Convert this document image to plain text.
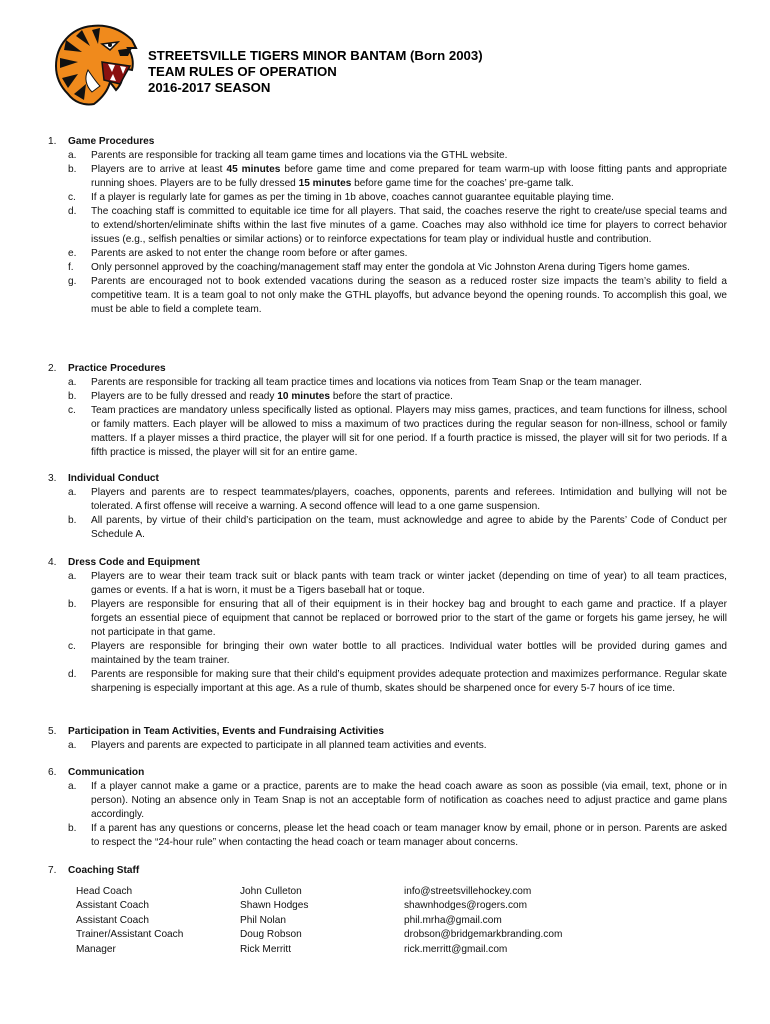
STREETSVILLE TIGERS MINOR BANTAM (Born 2003)
TEAM RULES OF OPERATION
2016-2017 SEASON
1. Game Procedures
a. Parents are responsible for tracking all team game times and locations via the GTHL website.
b. Players are to arrive at least 45 minutes before game time and come prepared for team warm-up with loose fitting pants and appropriate running shoes. Players are to be fully dressed 15 minutes before game time for the coaches’ pre-game talk.
c. If a player is regularly late for games as per the timing in 1b above, coaches cannot guarantee equitable playing time.
d. The coaching staff is committed to equitable ice time for all players. That said, the coaches reserve the right to create/use special teams and to extend/shorten/eliminate shifts within the last five minutes of a game. Coaches may also withhold ice time for players to correct behavior issues (e.g., selfish penalties or similar actions) or to reinforce expectations for team play or individual hustle and contribution.
e. Parents are asked to not enter the change room before or after games.
f. Only personnel approved by the coaching/management staff may enter the gondola at Vic Johnston Arena during Tigers home games.
g. Parents are encouraged not to book extended vacations during the season as a reduced roster size impacts the team’s ability to field a competitive team. It is a team goal to not only make the GTHL playoffs, but advance beyond the opening rounds. To accomplish this goal, we must be able to field a complete team.
2. Practice Procedures
a. Parents are responsible for tracking all team practice times and locations via notices from Team Snap or the team manager.
b. Players are to be fully dressed and ready 10 minutes before the start of practice.
c. Team practices are mandatory unless specifically listed as optional. Players may miss games, practices, and team functions for illness, school or family matters. Each player will be allowed to miss a maximum of two practices during the regular season for non-illness, school or family matters. If a player misses a third practice, the player will sit for one period. If a fourth practice is missed, the player will sit for two periods. If a fifth practice is missed, the player will sit for an entire game.
3. Individual Conduct
a. Players and parents are to respect teammates/players, coaches, opponents, parents and referees. Intimidation and bullying will not be tolerated. A first offense will receive a warning. A second offence will lead to a one game suspension.
b. All parents, by virtue of their child’s participation on the team, must acknowledge and agree to abide by the Parents’ Code of Conduct per Schedule A.
4. Dress Code and Equipment
a. Players are to wear their team track suit or black pants with team track or winter jacket (depending on time of year) to all team practices, games or events. If a hat is worn, it must be a Tigers baseball hat or toque.
b. Players are responsible for ensuring that all of their equipment is in their hockey bag and brought to each game and practice. If a player forgets an essential piece of equipment that cannot be replaced or borrowed prior to the start of the game or forgets his game jersey, he will not participate in that game.
c. Players are responsible for bringing their own water bottle to all practices. Individual water bottles will be provided during games and maintained by the team trainer.
d. Parents are responsible for making sure that their child’s equipment provides adequate protection and maximizes performance. Regular skate sharpening is especially important at this age. As a rule of thumb, skates should be sharpened once for every 5-7 hours of ice time.
5. Participation in Team Activities, Events and Fundraising Activities
a. Players and parents are expected to participate in all planned team activities and events.
6. Communication
a. If a player cannot make a game or a practice, parents are to make the head coach aware as soon as possible (via email, text, phone or in person). Noting an absence only in Team Snap is not an acceptable form of notification as coaches need to adjust practice and game plans accordingly.
b. If a parent has any questions or concerns, please let the head coach or team manager know by email, phone or in person. Parents are asked to respect the “24-hour rule” when contacting the head coach or team manager about concerns.
7. Coaching Staff
Head Coach	John Culleton	info@streetsvillehockey.com
Assistant Coach	Shawn Hodges	shawnhodges@rogers.com
Assistant Coach	Phil Nolan	phil.mrha@gmail.com
Trainer/Assistant Coach	Doug Robson	drobson@bridgemarkbranding.com
Manager	Rick Merritt	rick.merritt@gmail.com
